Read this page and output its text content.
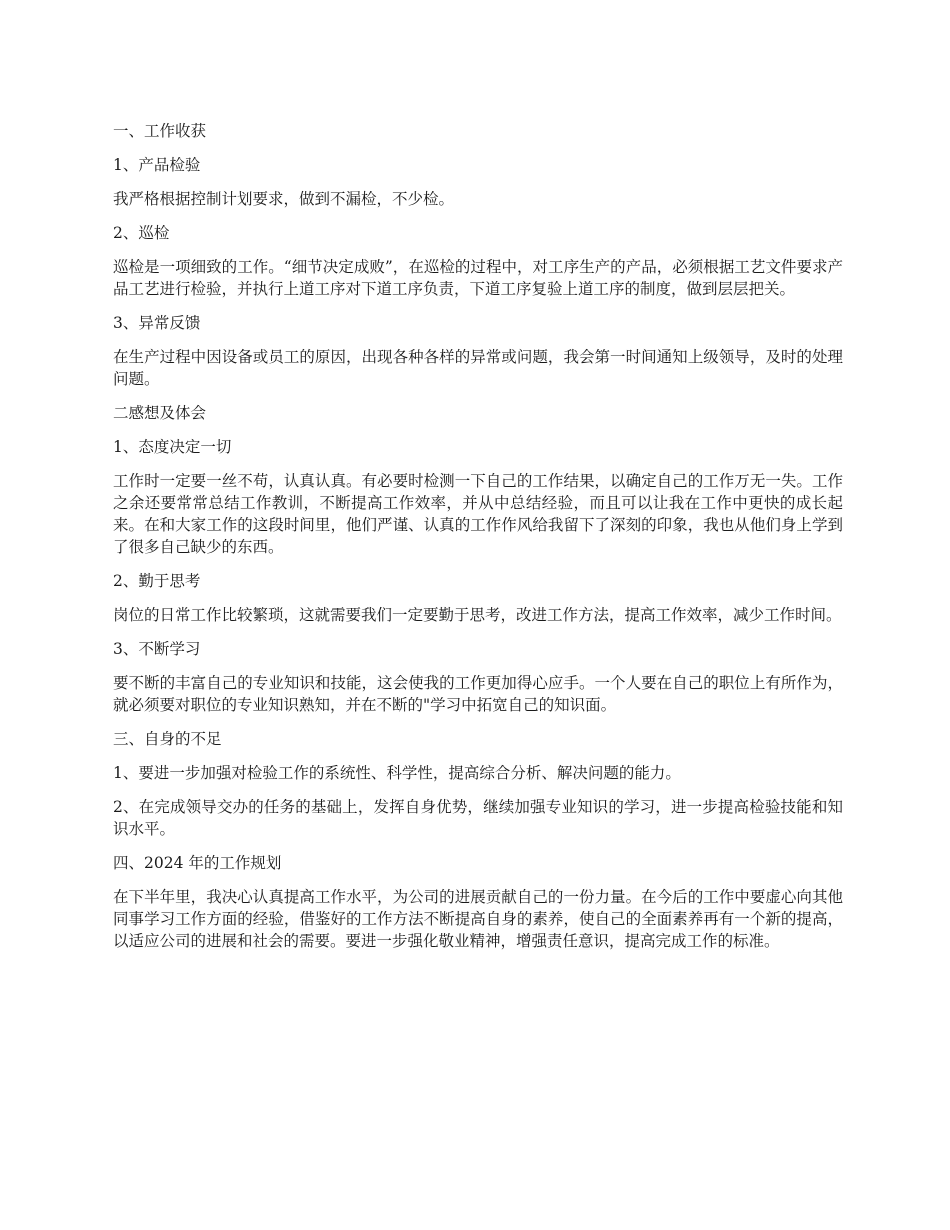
一、工作收获

1、产品检验

我严格根据控制计划要求，做到不漏检，不少检。

2、巡检

巡检是一项细致的工作。“细节决定成败”，在巡检的过程中，对工序生产的产品，必须根据工艺文件要求产品工艺进行检验，并执行上道工序对下道工序负责，下道工序复验上道工序的制度，做到层层把关。

3、异常反馈

在生产过程中因设备或员工的原因，出现各种各样的异常或问题，我会第一时间通知上级领导，及时的处理问题。

二感想及体会

1、态度决定一切

工作时一定要一丝不苟，认真认真。有必要时检测一下自己的工作结果，以确定自己的工作万无一失。工作之余还要常常总结工作教训，不断提高工作效率，并从中总结经验，而且可以让我在工作中更快的成长起来。在和大家工作的这段时间里，他们严谨、认真的工作作风给我留下了深刻的印象，我也从他们身上学到了很多自己缺少的东西。

2、勤于思考

岗位的日常工作比较繁琐，这就需要我们一定要勤于思考，改进工作方法，提高工作效率，减少工作时间。

3、不断学习

要不断的丰富自己的专业知识和技能，这会使我的工作更加得心应手。一个人要在自己的职位上有所作为，就必须要对职位的专业知识熟知，并在不断的"学习中拓宽自己的知识面。

三、自身的不足

1、要进一步加强对检验工作的系统性、科学性，提高综合分析、解决问题的能力。

2、在完成领导交办的任务的基础上，发挥自身优势，继续加强专业知识的学习，进一步提高检验技能和知识水平。

四、2024 年的工作规划

在下半年里，我决心认真提高工作水平，为公司的进展贡献自己的一份力量。在今后的工作中要虚心向其他同事学习工作方面的经验，借鉴好的工作方法不断提高自身的素养，使自己的全面素养再有一个新的提高，以适应公司的进展和社会的需要。要进一步强化敬业精神，增强责任意识，提高完成工作的标准。
